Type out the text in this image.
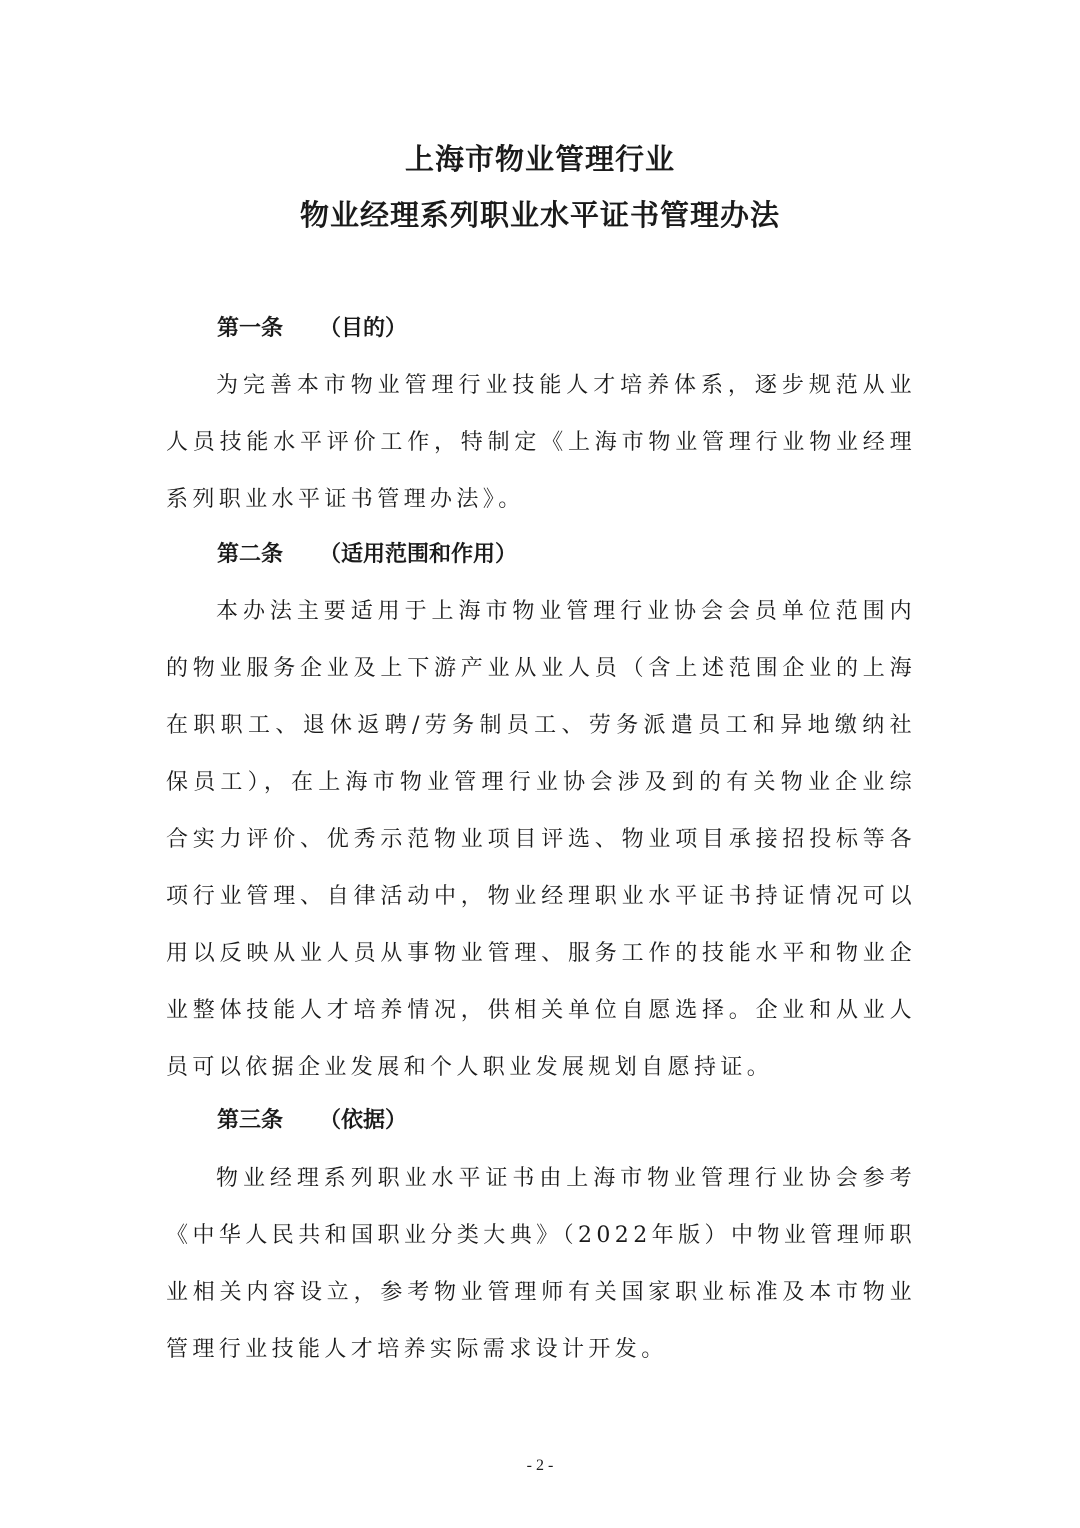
上海市物业管理行业
物业经理系列职业水平证书管理办法
第一条 （目的）

为完善本市物业管理行业技能人才培养体系，逐步规范从业人员技能水平评价工作，特制定《上海市物业管理行业物业经理系列职业水平证书管理办法》。

第二条 （适用范围和作用）

本办法主要适用于上海市物业管理行业协会会员单位范围内的物业服务企业及上下游产业从业人员（含上述范围企业的上海在职职工、退休返聘/劳务制员工、劳务派遣员工和异地缴纳社保员工），在上海市物业管理行业协会涉及到的有关物业企业综合实力评价、优秀示范物业项目评选、物业项目承接招投标等各项行业管理、自律活动中，物业经理职业水平证书持证情况可以用以反映从业人员从事物业管理、服务工作的技能水平和物业企业整体技能人才培养情况，供相关单位自愿选择。企业和从业人员可以依据企业发展和个人职业发展规划自愿持证。

第三条 （依据）

物业经理系列职业水平证书由上海市物业管理行业协会参考《中华人民共和国职业分类大典》（2022年版）中物业管理师职业相关内容设立，参考物业管理师有关国家职业标准及本市物业管理行业技能人才培养实际需求设计开发。

- 2 -
